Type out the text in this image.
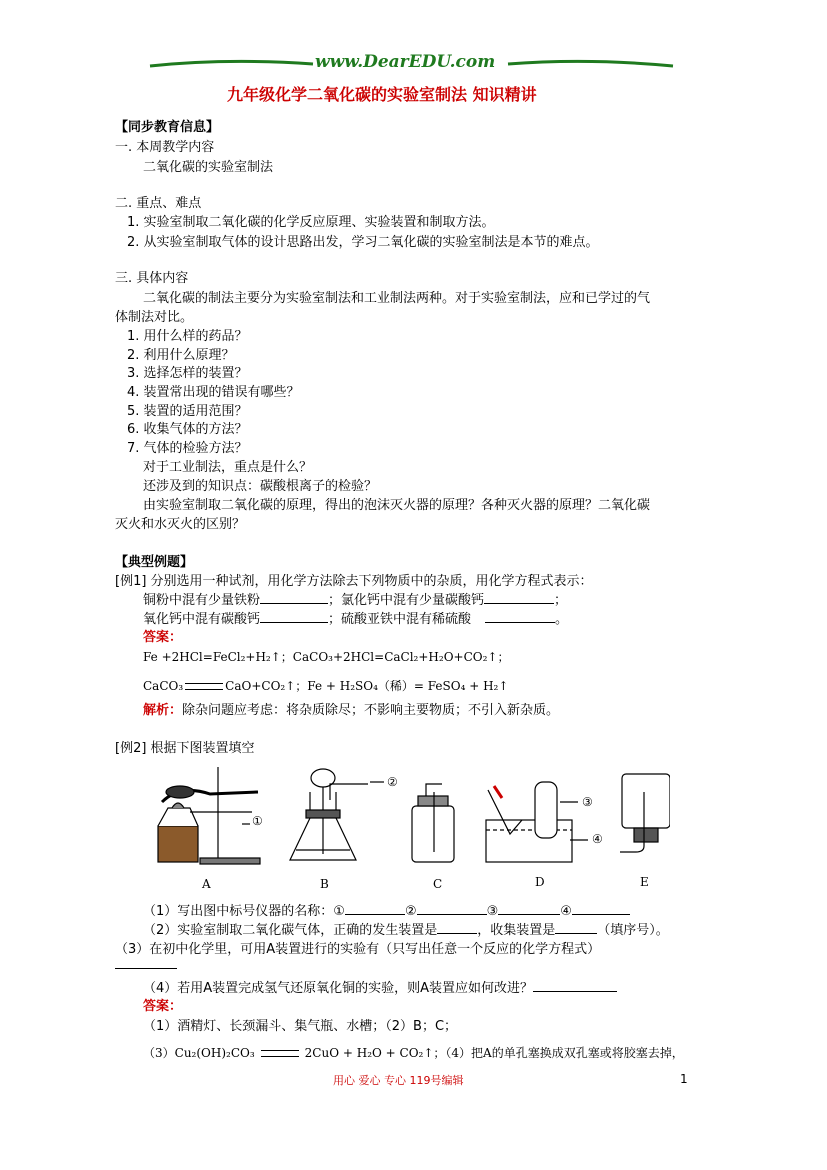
www.DearEDU.com
九年级化学二氧化碳的实验室制法 知识精讲
【同步教育信息】
一. 本周教学内容
二氧化碳的实验室制法
二. 重点、难点
1. 实验室制取二氧化碳的化学反应原理、实验装置和制取方法。
2. 从实验室制取气体的设计思路出发，学习二氧化碳的实验室制法是本节的难点。
三. 具体内容
二氧化碳的制法主要分为实验室制法和工业制法两种。对于实验室制法，应和已学过的气
体制法对比。
1. 用什么样的药品？
2. 利用什么原理？
3. 选择怎样的装置？
4. 装置常出现的错误有哪些？
5. 装置的适用范围？
6. 收集气体的方法？
7. 气体的检验方法？
对于工业制法，重点是什么？
还涉及到的知识点：碳酸根离子的检验？
由实验室制取二氧化碳的原理，得出的泡沫灭火器的原理？各种灭火器的原理？二氧化碳
灭火和水灭火的区别？
【典型例题】
[例1] 分别选用一种试剂，用化学方法除去下列物质中的杂质，用化学方程式表示：
铜粉中混有少量铁粉	；氯化钙中混有少量碳酸钙	；
氧化钙中混有碳酸钙	；硫酸亚铁中混有稀硫酸	。
答案：
Fe +2HCl=FeCl₂+H₂↑；CaCO₃+2HCl=CaCl₂+H₂O+CO₂↑；
CaCO₃	CaO+CO₂↑；Fe + H₂SO₄（稀）= FeSO₄ + H₂↑
解析：除杂问题应考虑：将杂质除尽；不影响主要物质；不引入新杂质。
[例2] 根据下图装置填空
①
②
③
④
A	B	C	D	E
（1）写出图中标号仪器的名称：①	②	③	④
（2）实验室制取二氧化碳气体，正确的发生装置是	，收集装置是	（填序号）。
（3）在初中化学里，可用A装置进行的实验有（只写出任意一个反应的化学方程式）
（4）若用A装置完成氢气还原氧化铜的实验，则A装置应如何改进？
答案：
（1）酒精灯、长颈漏斗、集气瓶、水槽；（2）B；C；
（3）Cu₂(OH)₂CO₃	2CuO + H₂O + CO₂↑；（4）把A的单孔塞换成双孔塞或将胶塞去掉，
用心 爱心 专心 119号编辑	1
